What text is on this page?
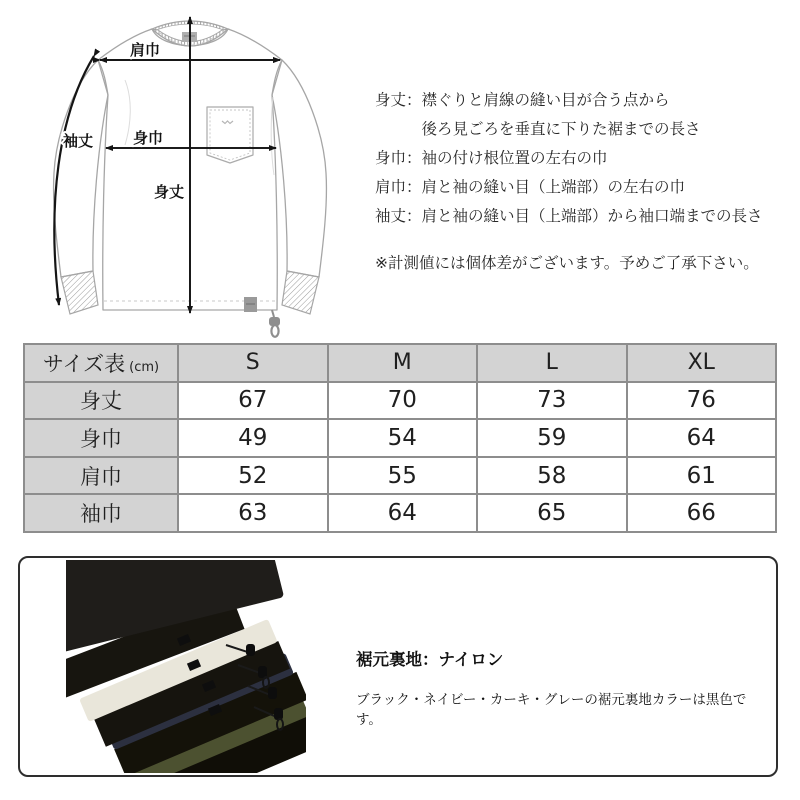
肩巾
袖丈	身巾
身丈
身丈： 襟ぐりと肩線の縫い目が合う点から
後ろ見ごろを垂直に下りた裾までの長さ
身巾： 袖の付け根位置の左右の巾
肩巾： 肩と袖の縫い目（上端部）の左右の巾
袖丈： 肩と袖の縫い目（上端部）から袖口端までの長さ
※計測値には個体差がございます。予めご了承下さい。
サイズ表 (cm)	S	M	L	XL
身丈	67	70	73	76
身巾	49	54	59	64
肩巾	52	55	58	61
袖巾	63	64	65	66
裾元裏地：ナイロン
ブラック・ネイビー・カーキ・グレーの裾元裏地カラーは黒色です。
